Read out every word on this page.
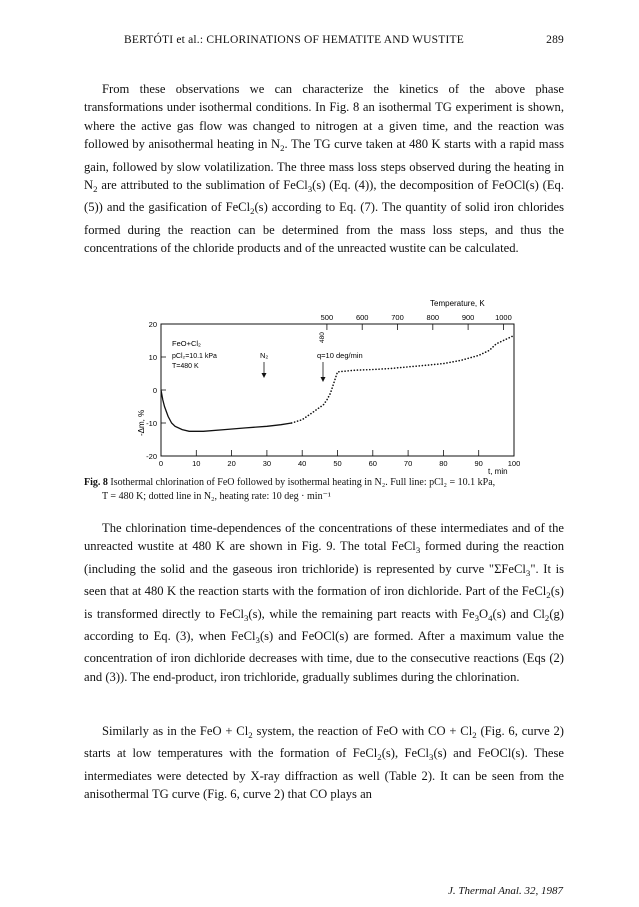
BERTÓTI et al.: CHLORINATIONS OF HEMATITE AND WUSTITE	289
From these observations we can characterize the kinetics of the above phase transformations under isothermal conditions. In Fig. 8 an isothermal TG experiment is shown, where the active gas flow was changed to nitrogen at a given time, and the reaction was followed by anisothermal heating in $N_2$. The TG curve taken at 480 K starts with a rapid mass gain, followed by slow volatilization. The three mass loss steps observed during the heating in $N_2$ are attributed to the sublimation of FeCl$_3$(s) (Eq. (4)), the decomposition of FeOCl(s) (Eq. (5)) and the gasification of FeCl$_2$(s) according to Eq. (7). The quantity of solid iron chlorides formed during the reaction can be determined from the mass loss steps, and thus the concentrations of the chloride products and of the unreacted wustite can be calculated.
Temperature, K
500	600	700	800	900	1000
-20
-10
0
10
20
0	10	20	30	40	50	60	70	80	90	100
-Δm, %
t, min
FeO+Cl₂
pCl₂=10.1 kPa
T=480 K
N₂	q=10 deg/min
480
Fig. 8 Isothermal chlorination of FeO followed by isothermal heating in N₂. Full line: pCl₂ = 10.1 kPa,
T = 480 K; dotted line in N₂, heating rate: 10 deg · min⁻¹
The chlorination time-dependences of the concentrations of these intermediates and of the unreacted wustite at 480 K are shown in Fig. 9. The total FeCl$_3$ formed during the reaction (including the solid and the gaseous iron trichloride) is represented by curve "ΣFeCl$_3$". It is seen that at 480 K the reaction starts with the formation of iron dichloride. Part of the FeCl$_2$(s) is transformed directly to FeCl$_3$(s), while the remaining part reacts with $Fe_3O_4(s)$ and $Cl_2(g)$ according to Eq. (3), when FeCl$_3$(s) and FeOCl(s) are formed. After a maximum value the concentration of iron dichloride decreases with time, due to the consecutive reactions (Eqs (2) and (3)). The end-product, iron trichloride, gradually sublimes during the chlorination.
Similarly as in the FeO + $Cl_2$ system, the reaction of FeO with CO + $Cl_2$ (Fig. 6, curve 2) starts at low temperatures with the formation of FeCl$_2$(s), FeCl$_3$(s) and FeOCl(s). These intermediates were detected by X-ray diffraction as well (Table 2). It can be seen from the anisothermal TG curve (Fig. 6, curve 2) that CO plays an
J. Thermal Anal. 32, 1987
